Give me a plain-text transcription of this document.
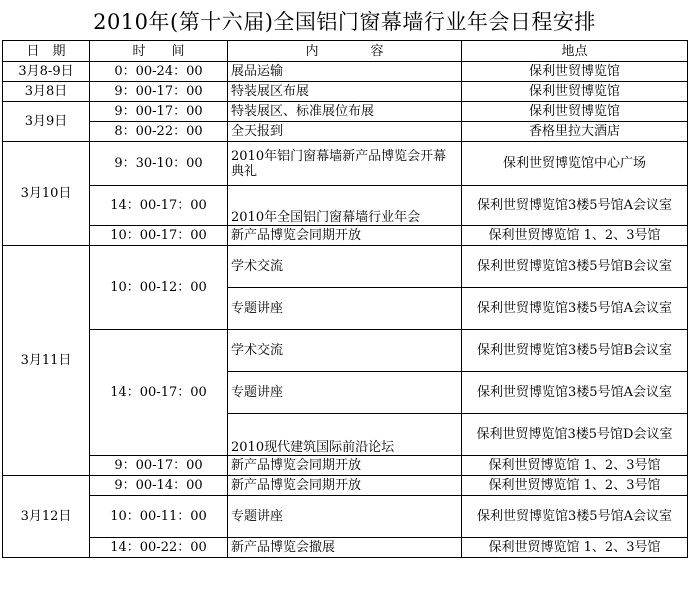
2010年(第十六届)全国铝门窗幕墙行业年会日程安排
日　期	时　　间	内　　　　容	地点
3月8-9日	0：00-24：00	展品运输	保利世贸博览馆
3月8日	9：00-17：00	特装展区布展	保利世贸博览馆
3月9日	9：00-17：00	特装展区、标准展位布展	保利世贸博览馆
	8：00-22：00	全天报到	香格里拉大酒店
3月10日	9：30-10：00	2010年铝门窗幕墙新产品博览会开幕典礼	保利世贸博览馆中心广场
	14：00-17：00	2010年全国铝门窗幕墙行业年会	保利世贸博览馆3楼5号馆A会议室
	10：00-17：00	新产品博览会同期开放	保利世贸博览馆 1、2、3号馆
3月11日	10：00-12：00	学术交流	保利世贸博览馆3楼5号馆B会议室
		专题讲座	保利世贸博览馆3楼5号馆A会议室
	14：00-17：00	学术交流	保利世贸博览馆3楼5号馆B会议室
		专题讲座	保利世贸博览馆3楼5号馆A会议室
		2010现代建筑国际前沿论坛	保利世贸博览馆3楼5号馆D会议室
	9：00-17：00	新产品博览会同期开放	保利世贸博览馆 1、2、3号馆
3月12日	9：00-14：00	新产品博览会同期开放	保利世贸博览馆 1、2、3号馆
	10：00-11：00	专题讲座	保利世贸博览馆3楼5号馆A会议室
	14：00-22：00	新产品博览会撤展	保利世贸博览馆 1、2、3号馆
